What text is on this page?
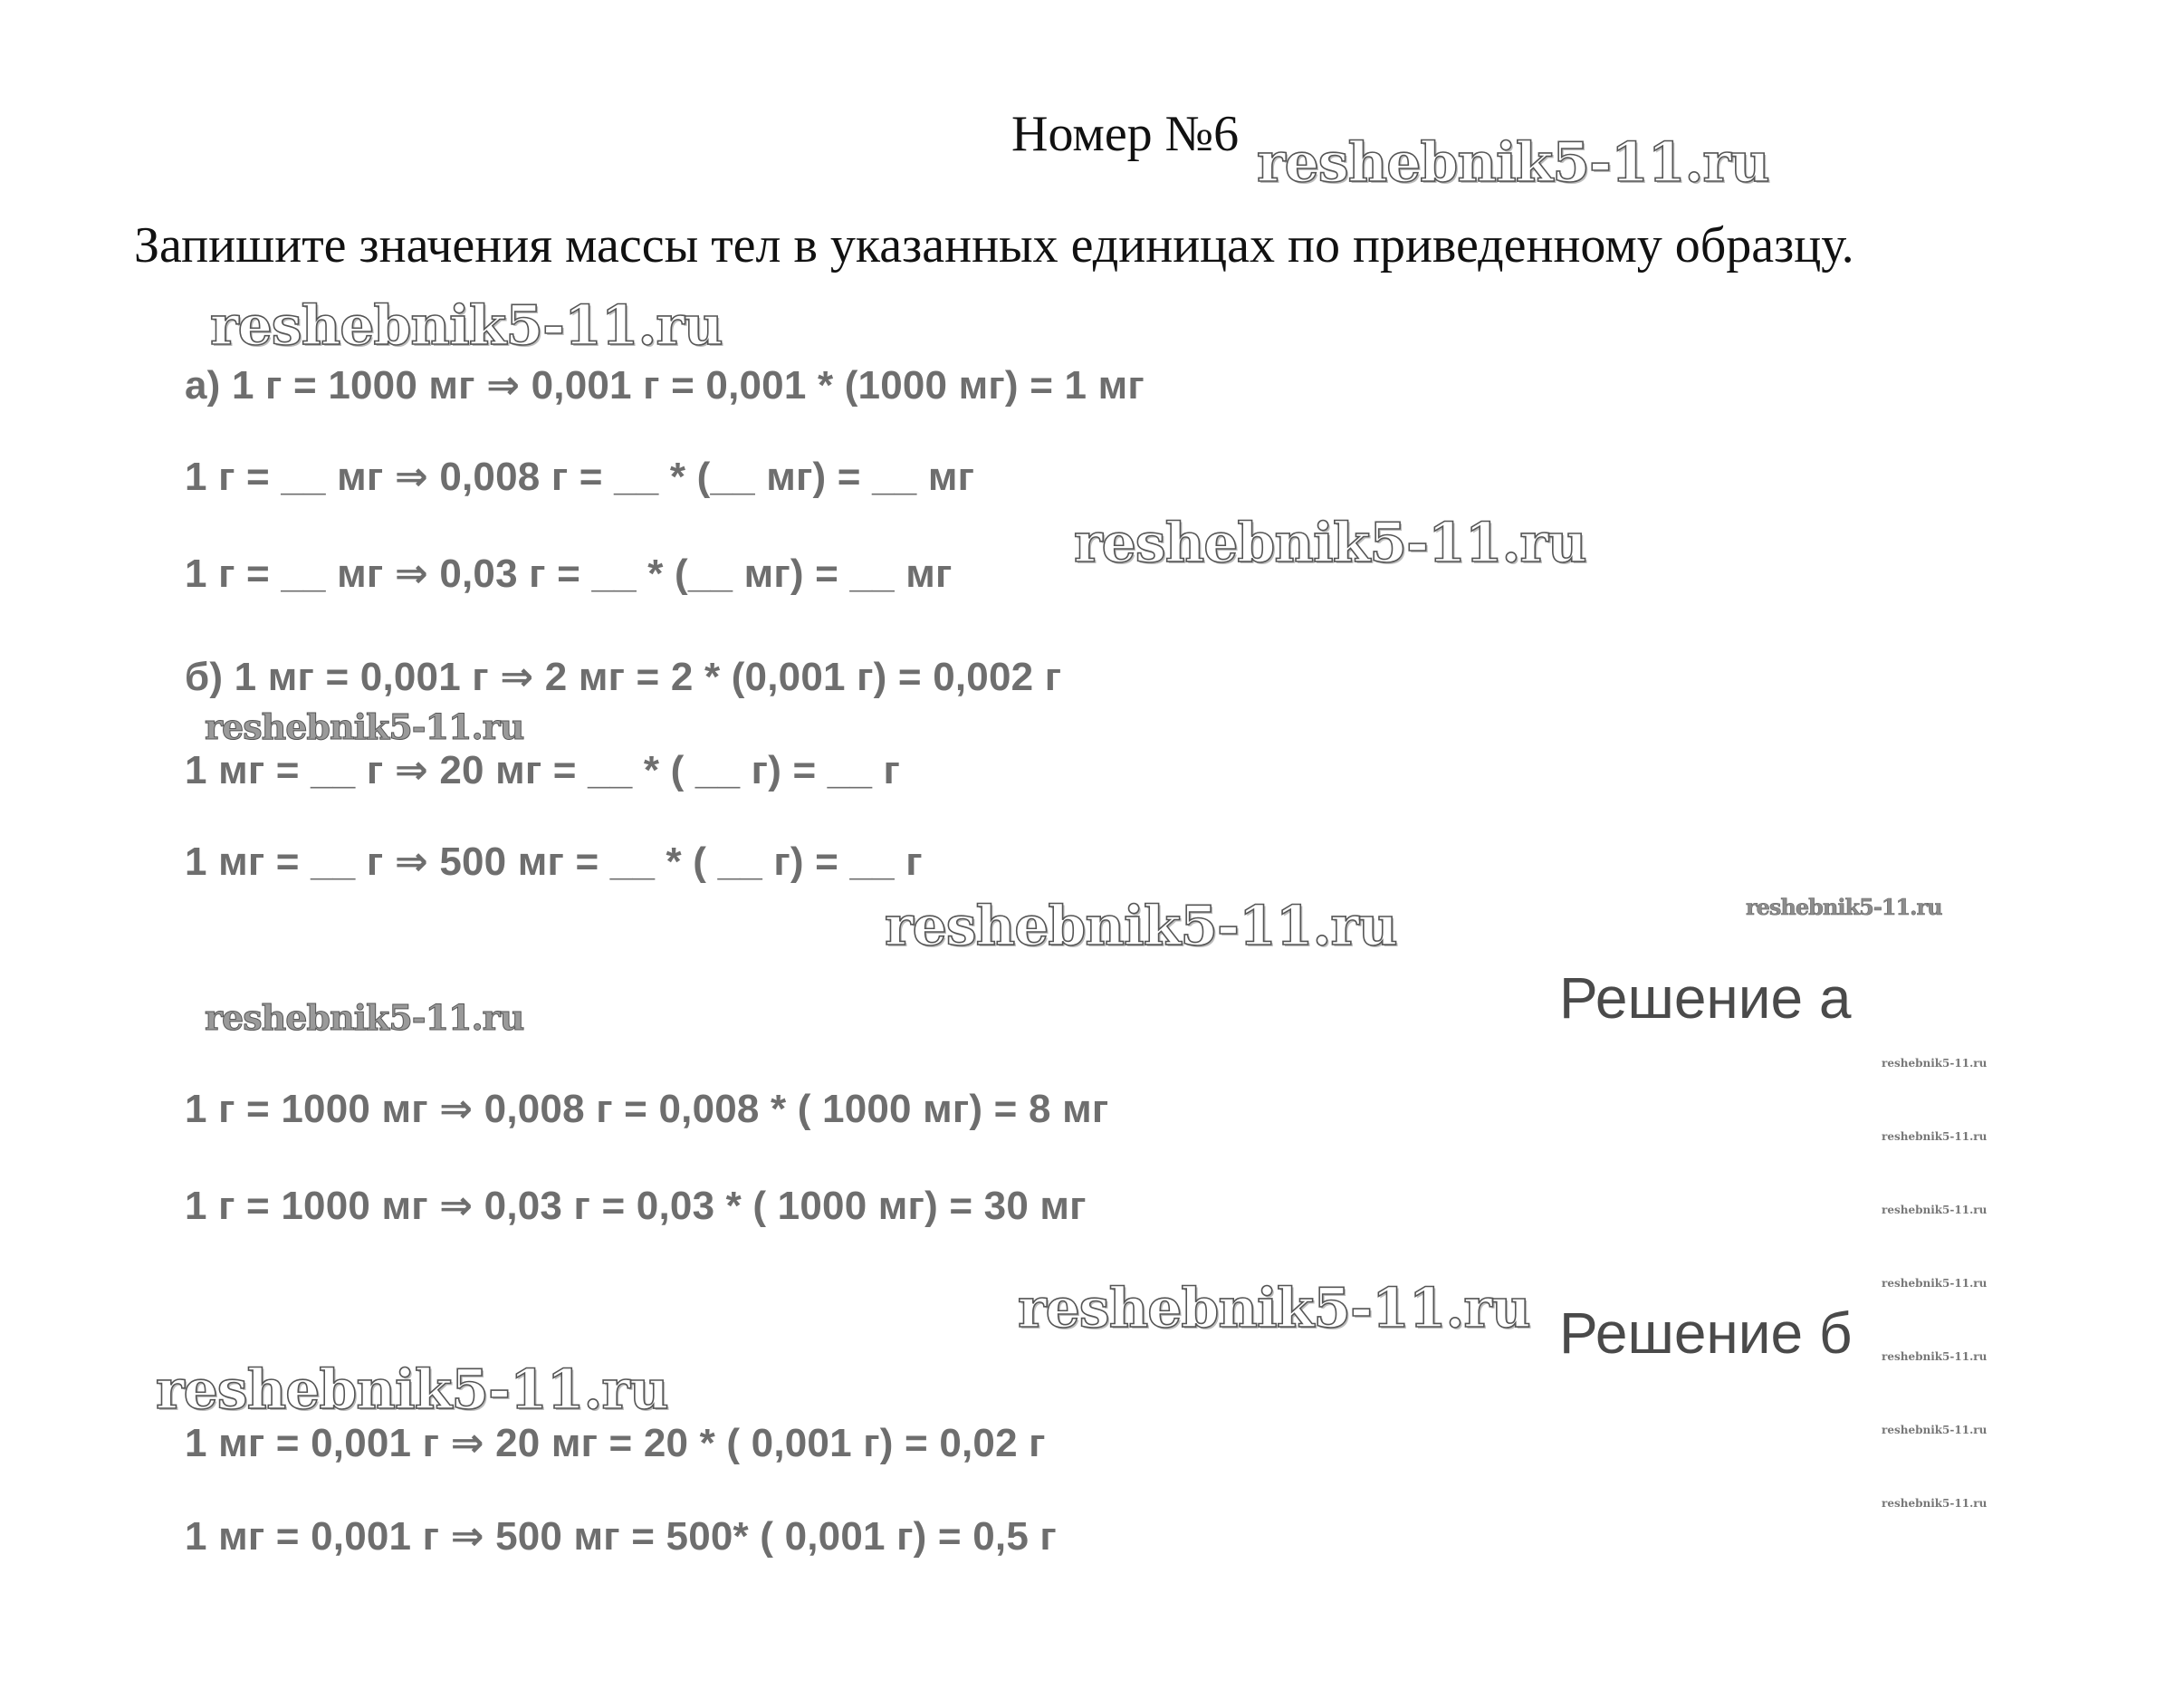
Номер №6
Запишите значения массы тел в указанных единицах по приведенному образцу.
а) 1 г = 1000 мг ⇒ 0,001 г = 0,001 * (1000 мг) = 1 мг
1 г = __ мг ⇒ 0,008 г = __ * (__ мг) = __ мг
1 г = __ мг ⇒ 0,03 г = __ * (__ мг) = __ мг
б) 1 мг = 0,001 г ⇒ 2 мг = 2 * (0,001 г) = 0,002 г
1 мг = __ г ⇒ 20 мг = __ * ( __ г) = __ г
1 мг = __ г ⇒ 500 мг = __ * ( __ г) = __ г
Решение а
1 г = 1000 мг ⇒ 0,008 г = 0,008 * ( 1000 мг) = 8 мг
1 г = 1000 мг ⇒ 0,03 г = 0,03 * ( 1000 мг) = 30 мг
Решение б
1 мг = 0,001 г ⇒ 20 мг = 20 * ( 0,001 г) = 0,02 г
1 мг = 0,001 г ⇒ 500 мг = 500* ( 0,001 г) = 0,5 г
reshebnik5-11.ru
reshebnik5-11.ru
reshebnik5-11.ru
reshebnik5-11.ru
reshebnik5-11.ru	reshebnik5-11.ru
reshebnik5-11.ru
reshebnik5-11.ru
reshebnik5-11.ru
reshebnik5-11.ru
reshebnik5-11.ru
reshebnik5-11.ru
reshebnik5-11.ru
reshebnik5-11.ru
reshebnik5-11.ru
reshebnik5-11.ru
